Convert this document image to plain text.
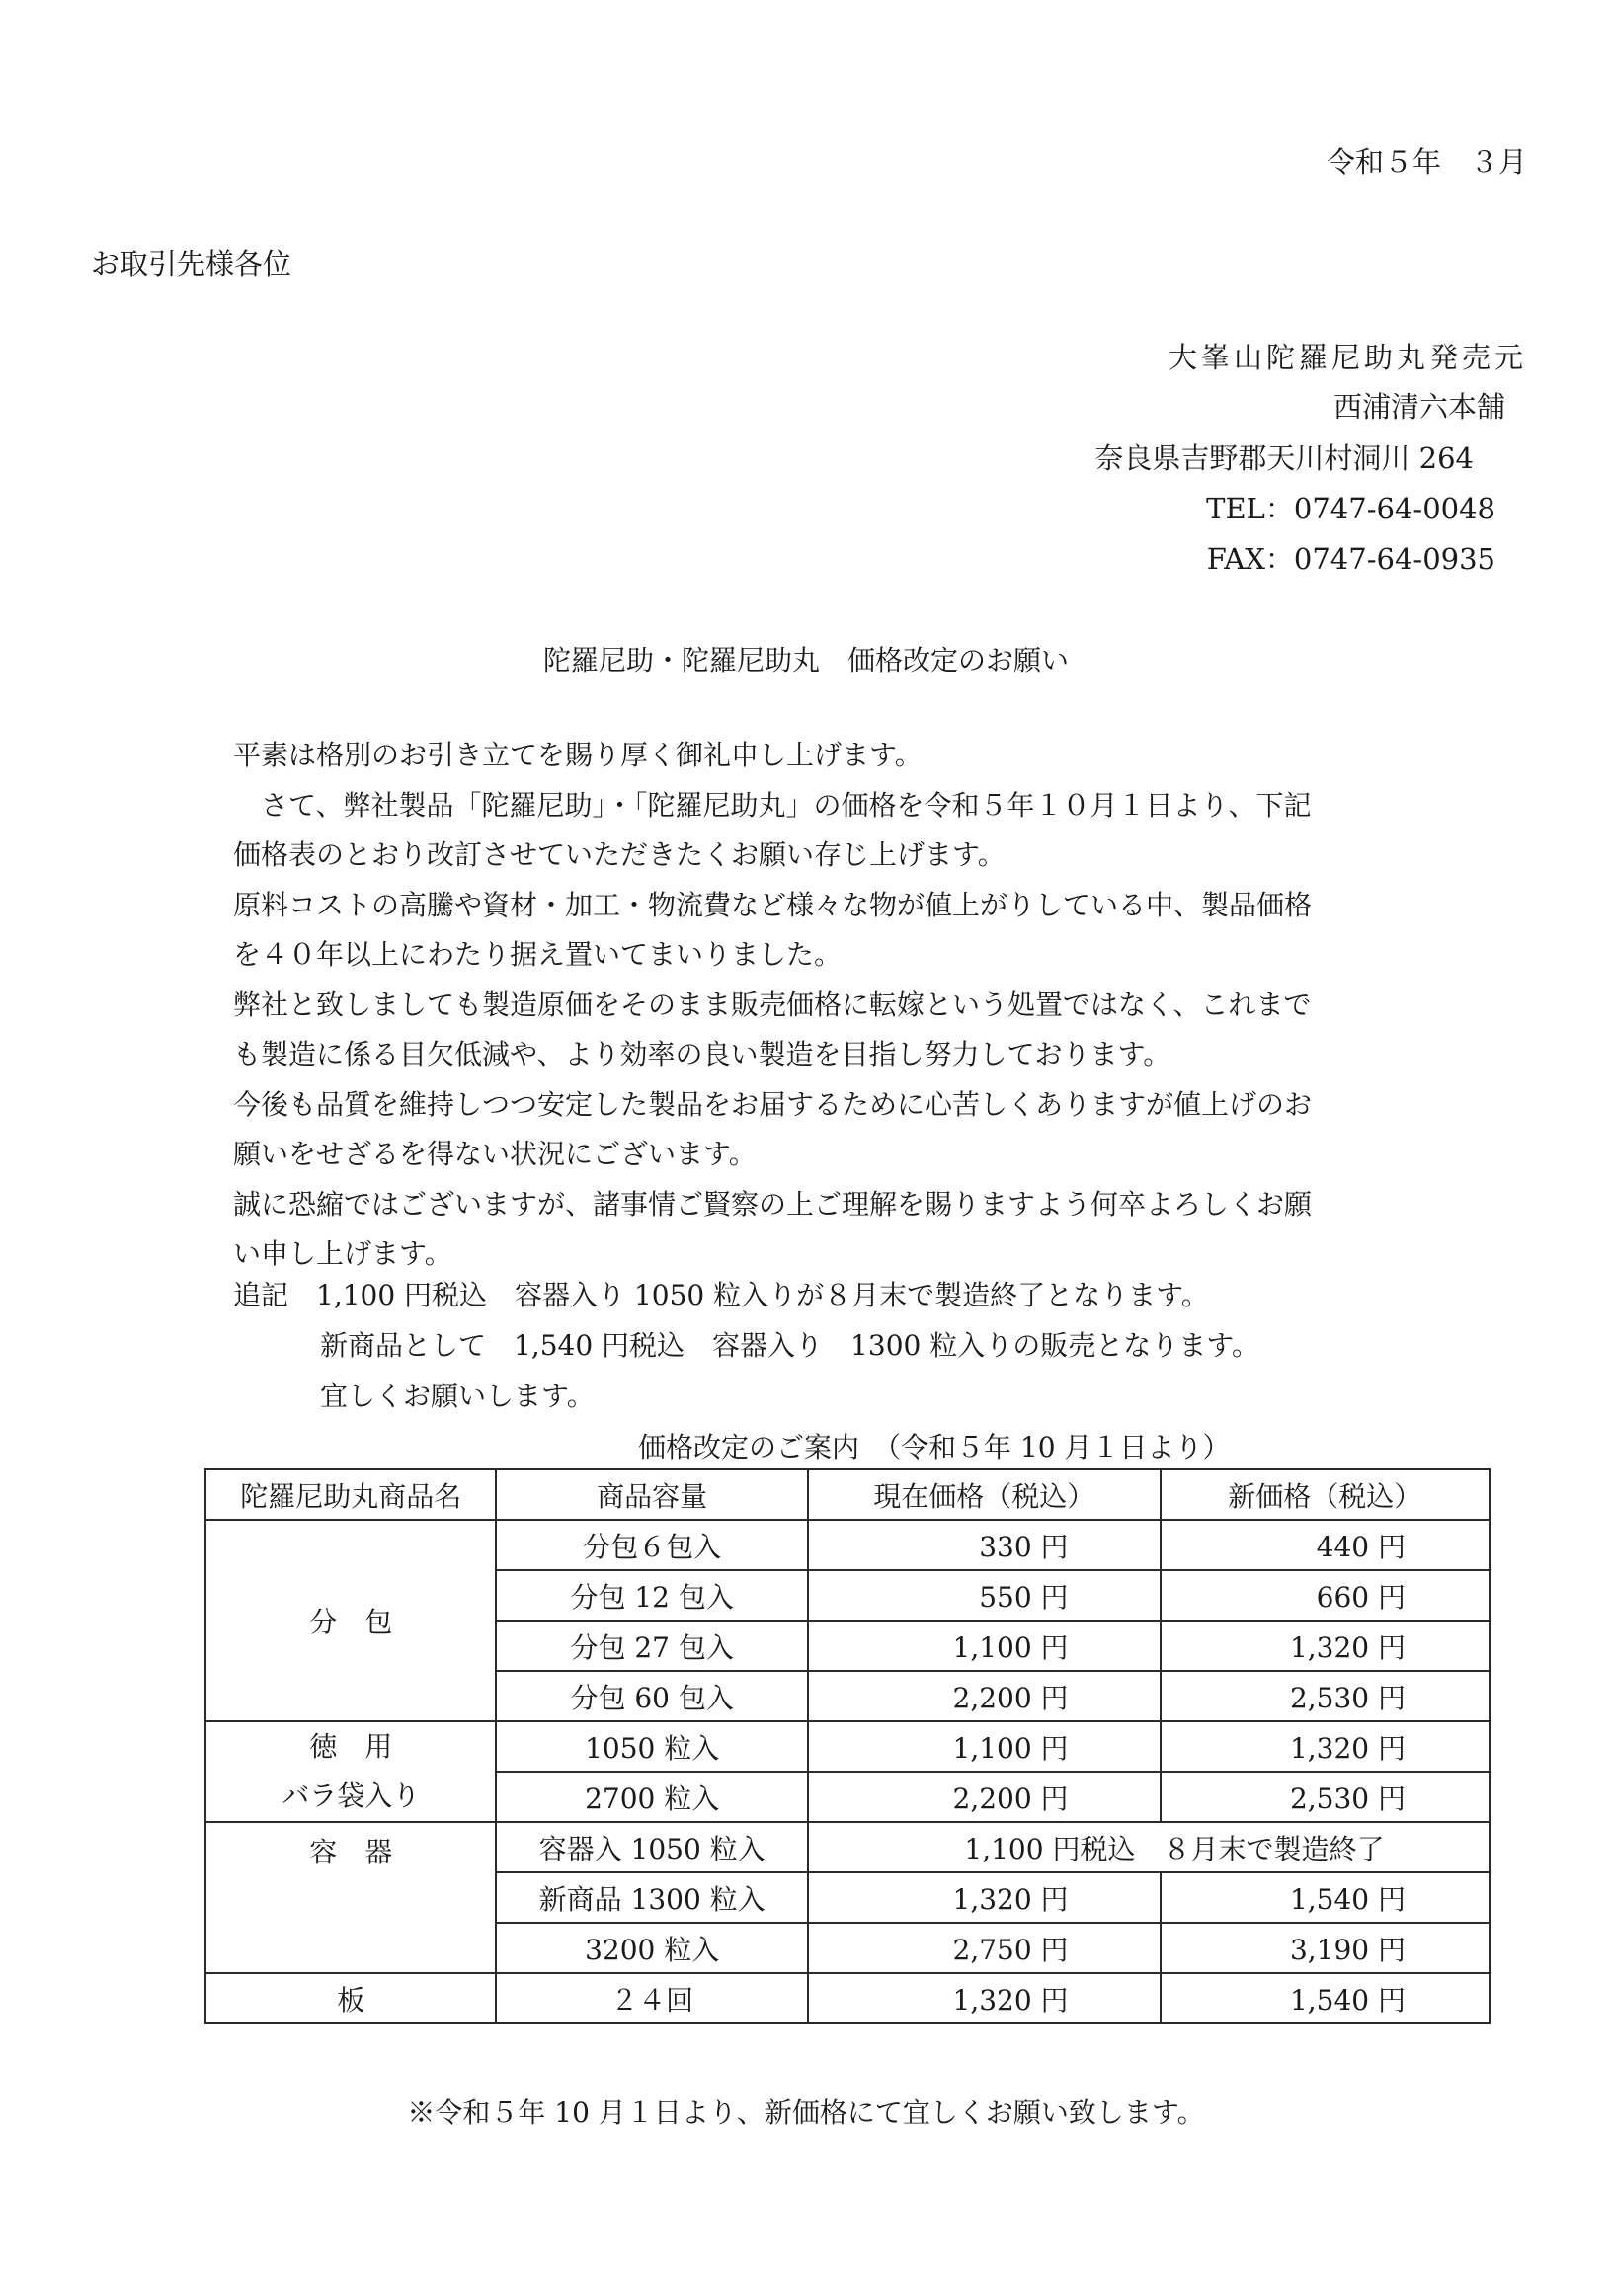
令和５年　３月
お取引先様各位
大峯山陀羅尼助丸発売元
西浦清六本舗
奈良県吉野郡天川村洞川 264
TEL：0747-64-0048
FAX：0747-64-0935
陀羅尼助・陀羅尼助丸　価格改定のお願い

平素は格別のお引き立てを賜り厚く御礼申し上げます。

　さて、弊社製品「陀羅尼助」・「陀羅尼助丸」の価格を令和５年１０月１日より、下記

価格表のとおり改訂させていただきたくお願い存じ上げます。

原料コストの高騰や資材・加工・物流費など様々な物が値上がりしている中、製品価格

を４０年以上にわたり据え置いてまいりました。

弊社と致しましても製造原価をそのまま販売価格に転嫁という処置ではなく、これまで

も製造に係る目欠低減や、より効率の良い製造を目指し努力しております。

今後も品質を維持しつつ安定した製品をお届するために心苦しくありますが値上げのお

願いをせざるを得ない状況にございます。

誠に恐縮ではございますが、諸事情ご賢察の上ご理解を賜りますよう何卒よろしくお願

い申し上げます。

追記　1,100 円税込　容器入り 1050 粒入りが８月末で製造終了となります。
新商品として　1,540 円税込　容器入り　1300 粒入りの販売となります。
宜しくお願いします。
価格改定のご案内　（令和５年 10 月１日より）
陀羅尼助丸商品名	商品容量	現在価格（税込）	新価格（税込）
分　包	分包６包入	330 円	440 円
	分包 12 包入	550 円	660 円
	分包 27 包入	1,100 円	1,320 円
	分包 60 包入	2,200 円	2,530 円

徳　用
バラ袋入り	1050 粒入	1,100 円	1,320 円
	2700 粒入	2,200 円	2,530 円
容　器	容器入 1050 粒入	1,100 円税込　８月末で製造終了	
	新商品 1300 粒入	1,320 円	1,540 円
	3200 粒入	2,750 円	3,190 円
板	２４回	1,320 円	1,540 円
※令和５年 10 月１日より、新価格にて宜しくお願い致します。
